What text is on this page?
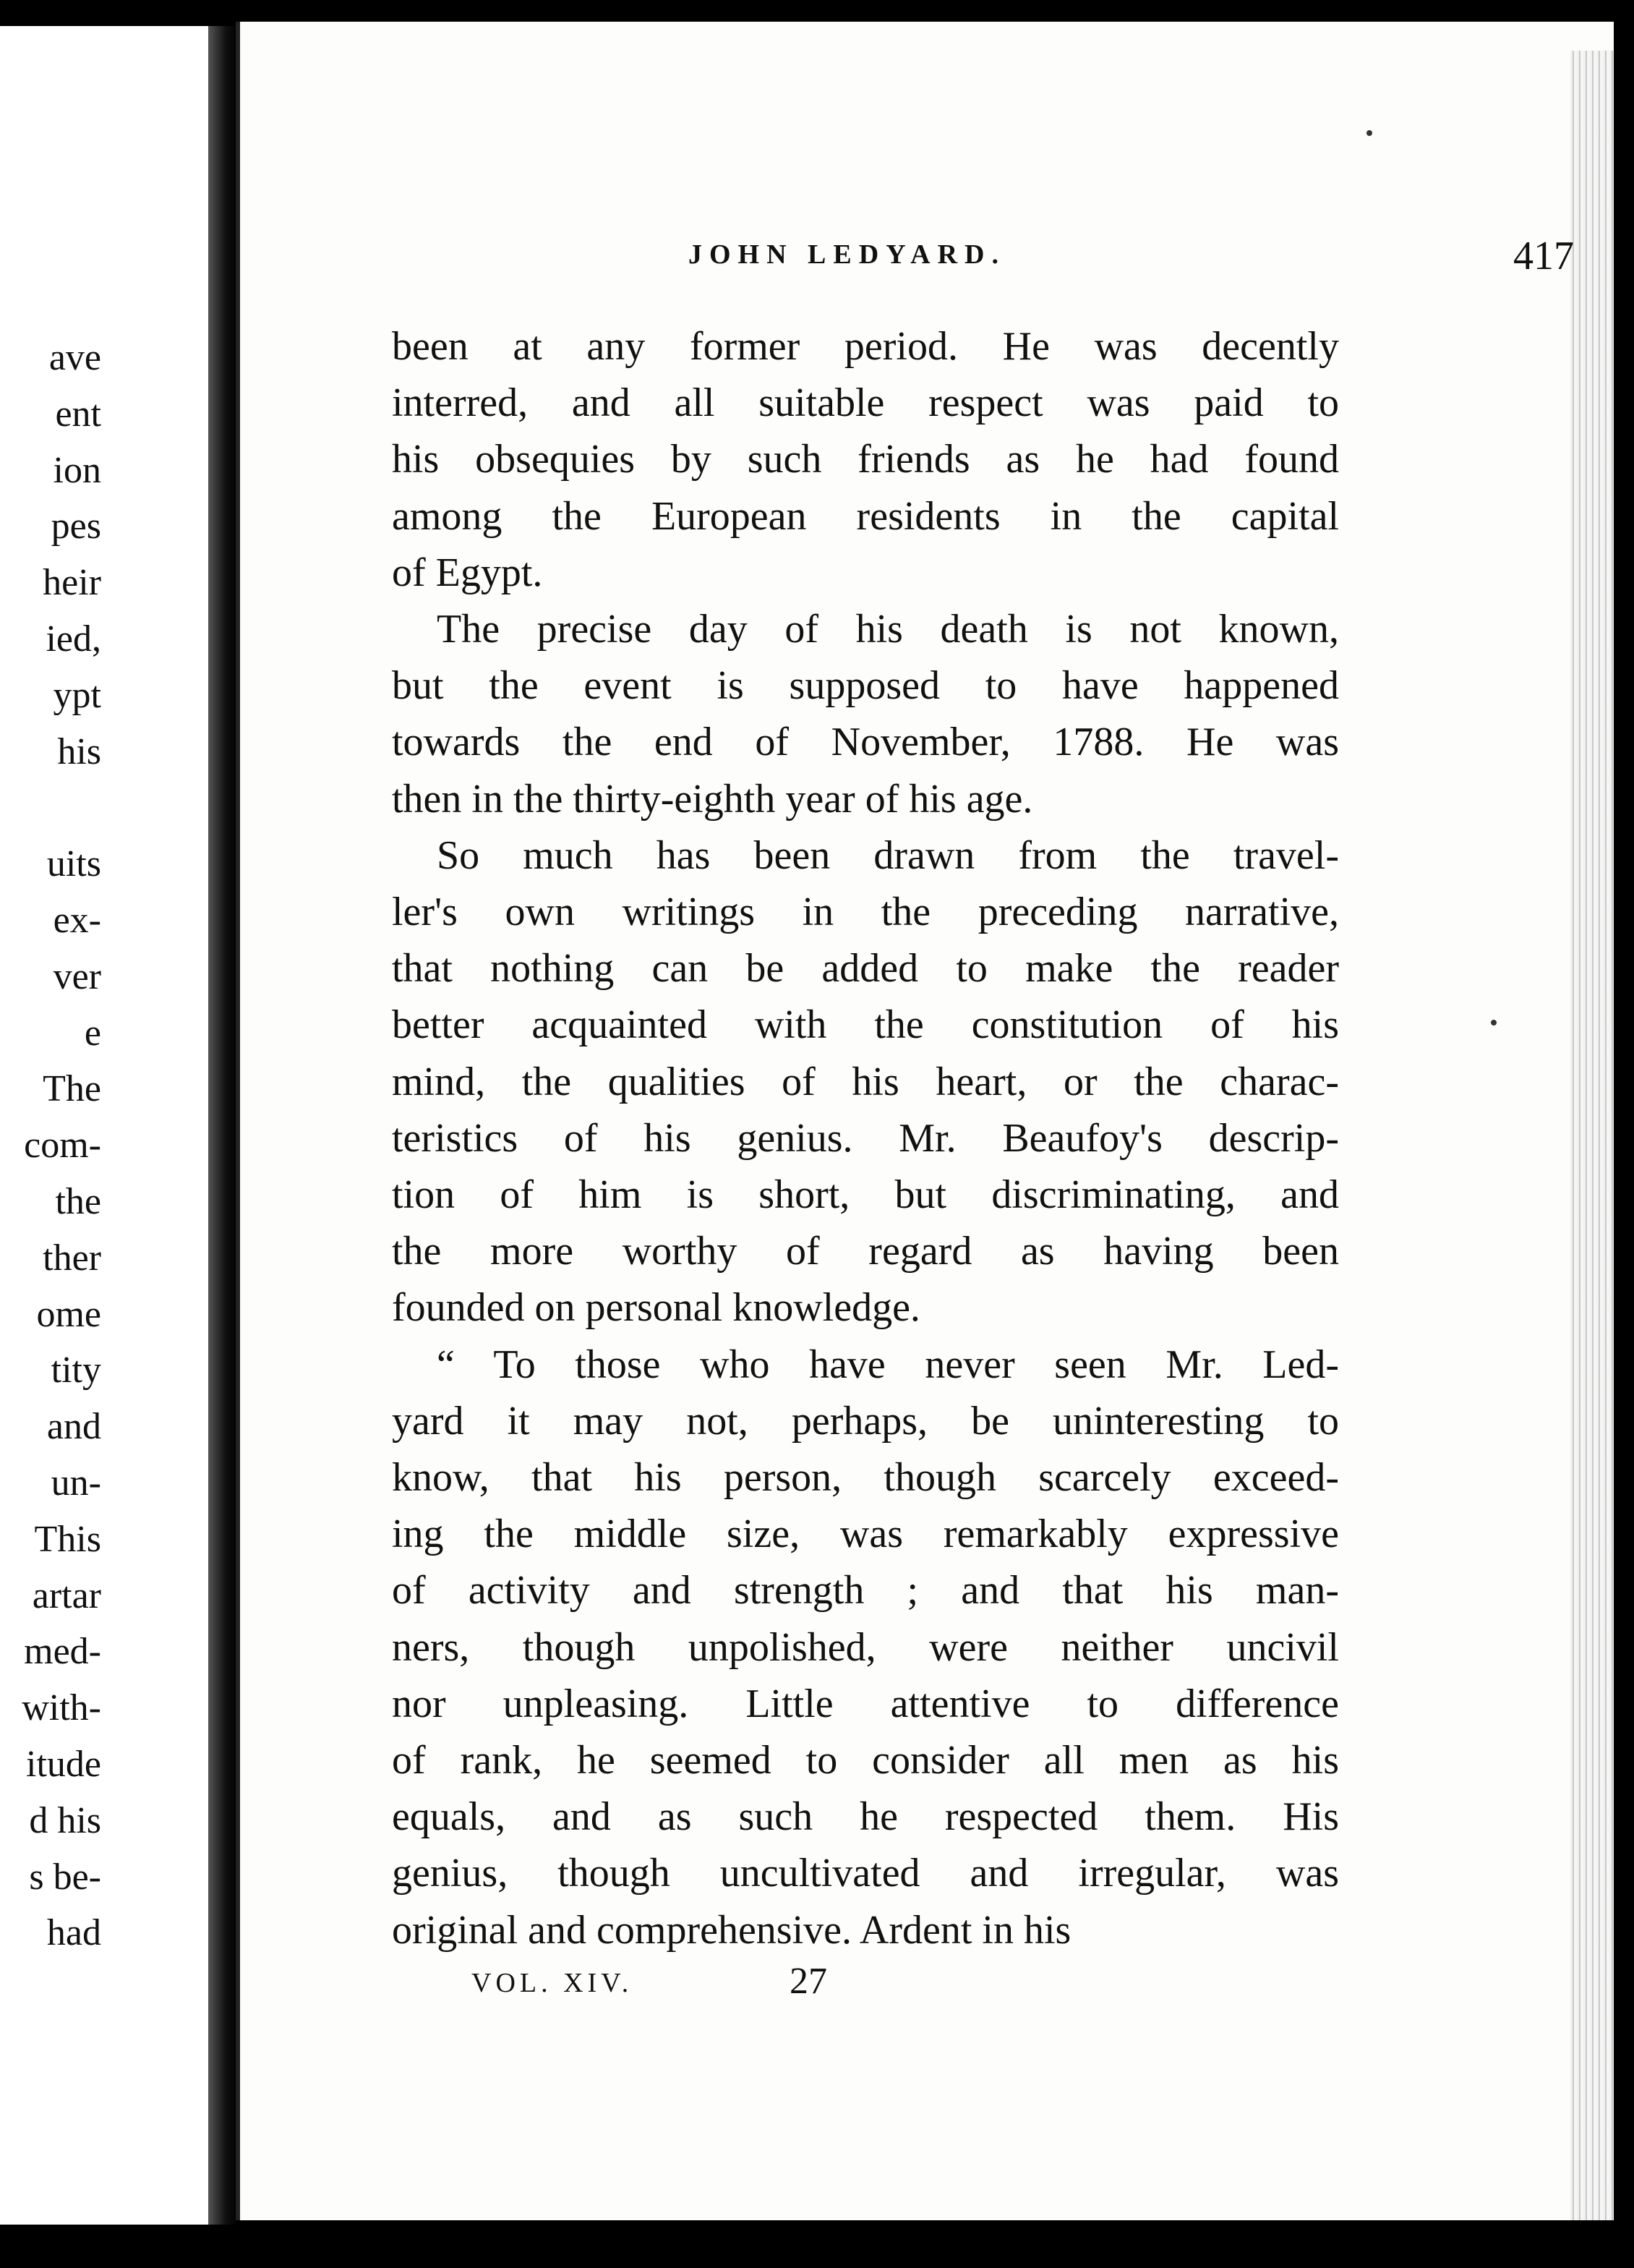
ave
ent
ion
pes
heir
ied,
ypt
his
uits
ex-
ver
e
The
com-
the
ther
ome
tity
and
un-
This
artar
med-
with-
itude
d his
s be-
had
JOHN LEDYARD.	417

been at any former period. He was decently
interred, and all suitable respect was paid to
his obsequies by such friends as he had found
among the European residents in the capital
of Egypt.

The precise day of his death is not known,
but the event is supposed to have happened
towards the end of November, 1788. He was
then in the thirty-eighth year of his age.

So much has been drawn from the travel-
ler's own writings in the preceding narrative,
that nothing can be added to make the reader
better acquainted with the constitution of his
mind, the qualities of his heart, or the charac-
teristics of his genius. Mr. Beaufoy's descrip-
tion of him is short, but discriminating, and
the more worthy of regard as having been
founded on personal knowledge.

“ To those who have never seen Mr. Led-
yard it may not, perhaps, be uninteresting to
know, that his person, though scarcely exceed-
ing the middle size, was remarkably expressive
of activity and strength ; and that his man-
ners, though unpolished, were neither uncivil
nor unpleasing. Little attentive to difference
of rank, he seemed to consider all men as his
equals, and as such he respected them. His
genius, though uncultivated and irregular, was
original and comprehensive. Ardent in his

VOL. XIV.	27
